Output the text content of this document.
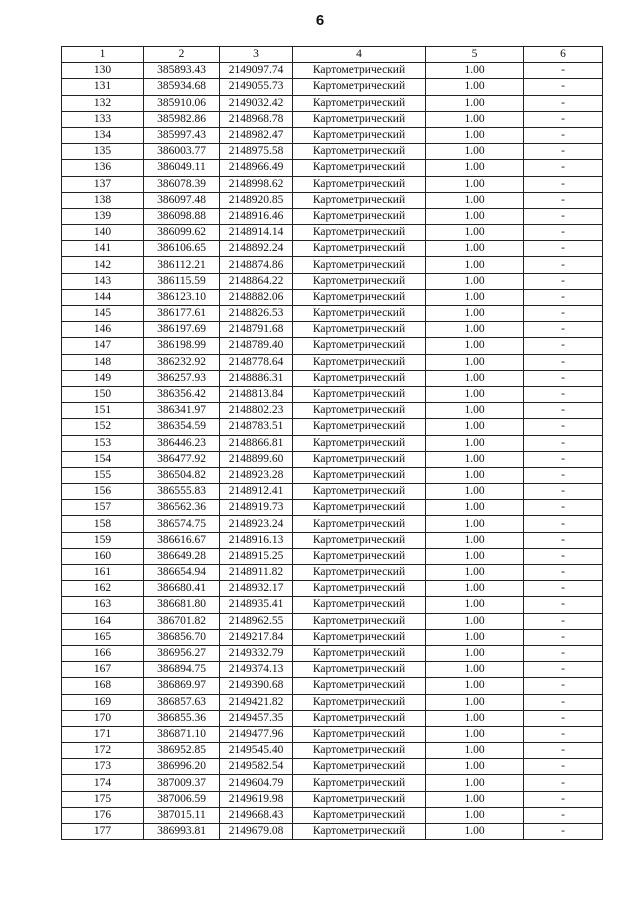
6
1	2	3	4	5	6
130	385893.43	2149097.74	Картометрический	1.00	-
131	385934.68	2149055.73	Картометрический	1.00	-
132	385910.06	2149032.42	Картометрический	1.00	-
133	385982.86	2148968.78	Картометрический	1.00	-
134	385997.43	2148982.47	Картометрический	1.00	-
135	386003.77	2148975.58	Картометрический	1.00	-
136	386049.11	2148966.49	Картометрический	1.00	-
137	386078.39	2148998.62	Картометрический	1.00	-
138	386097.48	2148920.85	Картометрический	1.00	-
139	386098.88	2148916.46	Картометрический	1.00	-
140	386099.62	2148914.14	Картометрический	1.00	-
141	386106.65	2148892.24	Картометрический	1.00	-
142	386112.21	2148874.86	Картометрический	1.00	-
143	386115.59	2148864.22	Картометрический	1.00	-
144	386123.10	2148882.06	Картометрический	1.00	-
145	386177.61	2148826.53	Картометрический	1.00	-
146	386197.69	2148791.68	Картометрический	1.00	-
147	386198.99	2148789.40	Картометрический	1.00	-
148	386232.92	2148778.64	Картометрический	1.00	-
149	386257.93	2148886.31	Картометрический	1.00	-
150	386356.42	2148813.84	Картометрический	1.00	-
151	386341.97	2148802.23	Картометрический	1.00	-
152	386354.59	2148783.51	Картометрический	1.00	-
153	386446.23	2148866.81	Картометрический	1.00	-
154	386477.92	2148899.60	Картометрический	1.00	-
155	386504.82	2148923.28	Картометрический	1.00	-
156	386555.83	2148912.41	Картометрический	1.00	-
157	386562.36	2148919.73	Картометрический	1.00	-
158	386574.75	2148923.24	Картометрический	1.00	-
159	386616.67	2148916.13	Картометрический	1.00	-
160	386649.28	2148915.25	Картометрический	1.00	-
161	386654.94	2148911.82	Картометрический	1.00	-
162	386680.41	2148932.17	Картометрический	1.00	-
163	386681.80	2148935.41	Картометрический	1.00	-
164	386701.82	2148962.55	Картометрический	1.00	-
165	386856.70	2149217.84	Картометрический	1.00	-
166	386956.27	2149332.79	Картометрический	1.00	-
167	386894.75	2149374.13	Картометрический	1.00	-
168	386869.97	2149390.68	Картометрический	1.00	-
169	386857.63	2149421.82	Картометрический	1.00	-
170	386855.36	2149457.35	Картометрический	1.00	-
171	386871.10	2149477.96	Картометрический	1.00	-
172	386952.85	2149545.40	Картометрический	1.00	-
173	386996.20	2149582.54	Картометрический	1.00	-
174	387009.37	2149604.79	Картометрический	1.00	-
175	387006.59	2149619.98	Картометрический	1.00	-
176	387015.11	2149668.43	Картометрический	1.00	-
177	386993.81	2149679.08	Картометрический	1.00	-
